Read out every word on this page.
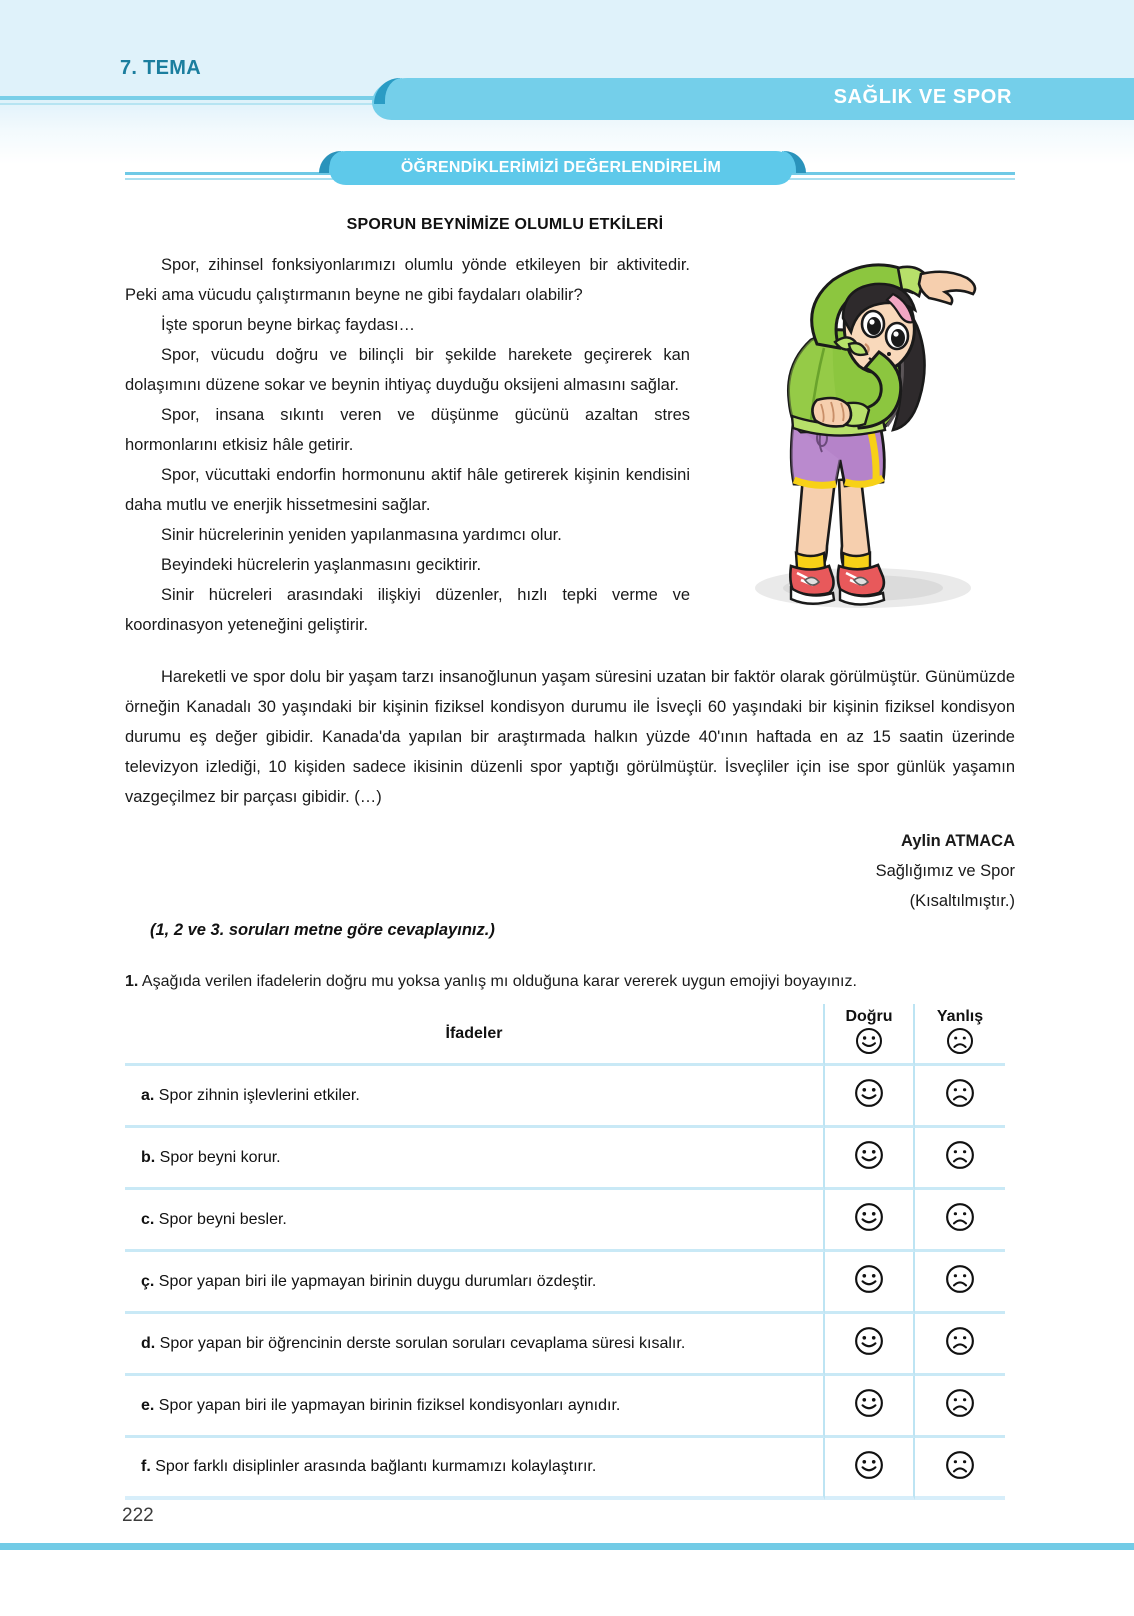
7. TEMA
SAĞLIK VE SPOR
ÖĞRENDİKLERİMİZİ DEĞERLENDİRELİM
SPORUN BEYNİMİZE OLUMLU ETKİLERİ

Spor, zihinsel fonksiyonlarımızı olumlu yönde etkileyen bir aktivitedir. Peki ama vücudu çalıştırmanın beyne ne gibi faydaları olabilir?

İşte sporun beyne birkaç faydası…

Spor, vücudu doğru ve bilinçli bir şekilde harekete geçirerek kan dolaşımını düzene sokar ve beynin ihtiyaç duyduğu oksijeni almasını sağlar.

Spor, insana sıkıntı veren ve düşünme gücünü azaltan stres hormonlarını etkisiz hâle getirir.

Spor, vücuttaki endorfin hormonunu aktif hâle getirerek kişinin kendisini daha mutlu ve enerjik hissetmesini sağlar.

Sinir hücrelerinin yeniden yapılanmasına yardımcı olur.

Beyindeki hücrelerin yaşlanmasını geciktirir.

Sinir hücreleri arasındaki ilişkiyi düzenler, hızlı tepki verme ve koordinasyon yeteneğini geliştirir.

Hareketli ve spor dolu bir yaşam tarzı insanoğlunun yaşam süresini uzatan bir faktör olarak görülmüştür. Günümüzde örneğin Kanadalı 30 yaşındaki bir kişinin fiziksel kondisyon durumu ile İsveçli 60 yaşındaki bir kişinin fiziksel kondisyon durumu eş değer gibidir. Kanada'da yapılan bir araştırmada halkın yüzde 40'ının haftada en az 15 saatin üzerinde televizyon izlediği, 10 kişiden sadece ikisinin düzenli spor yaptığı görülmüştür. İsveçliler için ise spor günlük yaşamın vazgeçilmez bir parçası gibidir. (…)

Aylin ATMACA
Sağlığımız ve Spor
(Kısaltılmıştır.)
(1, 2 ve 3. soruları metne göre cevaplayınız.)
1. Aşağıda verilen ifadelerin doğru mu yoksa yanlış mı olduğuna karar vererek uygun emojiyi boyayınız.
İfadeler	Doğru	Yanlış

a. Spor zihnin işlevlerini etkiler.		
b. Spor beyni korur.		
c. Spor beyni besler.		
ç. Spor yapan biri ile yapmayan birinin duygu durumları özdeştir.		
d. Spor yapan bir öğrencinin derste sorulan soruları cevaplama süresi kısalır.		
e. Spor yapan biri ile yapmayan birinin fiziksel kondisyonları aynıdır.		
f. Spor farklı disiplinler arasında bağlantı kurmamızı kolaylaştırır.		
222
